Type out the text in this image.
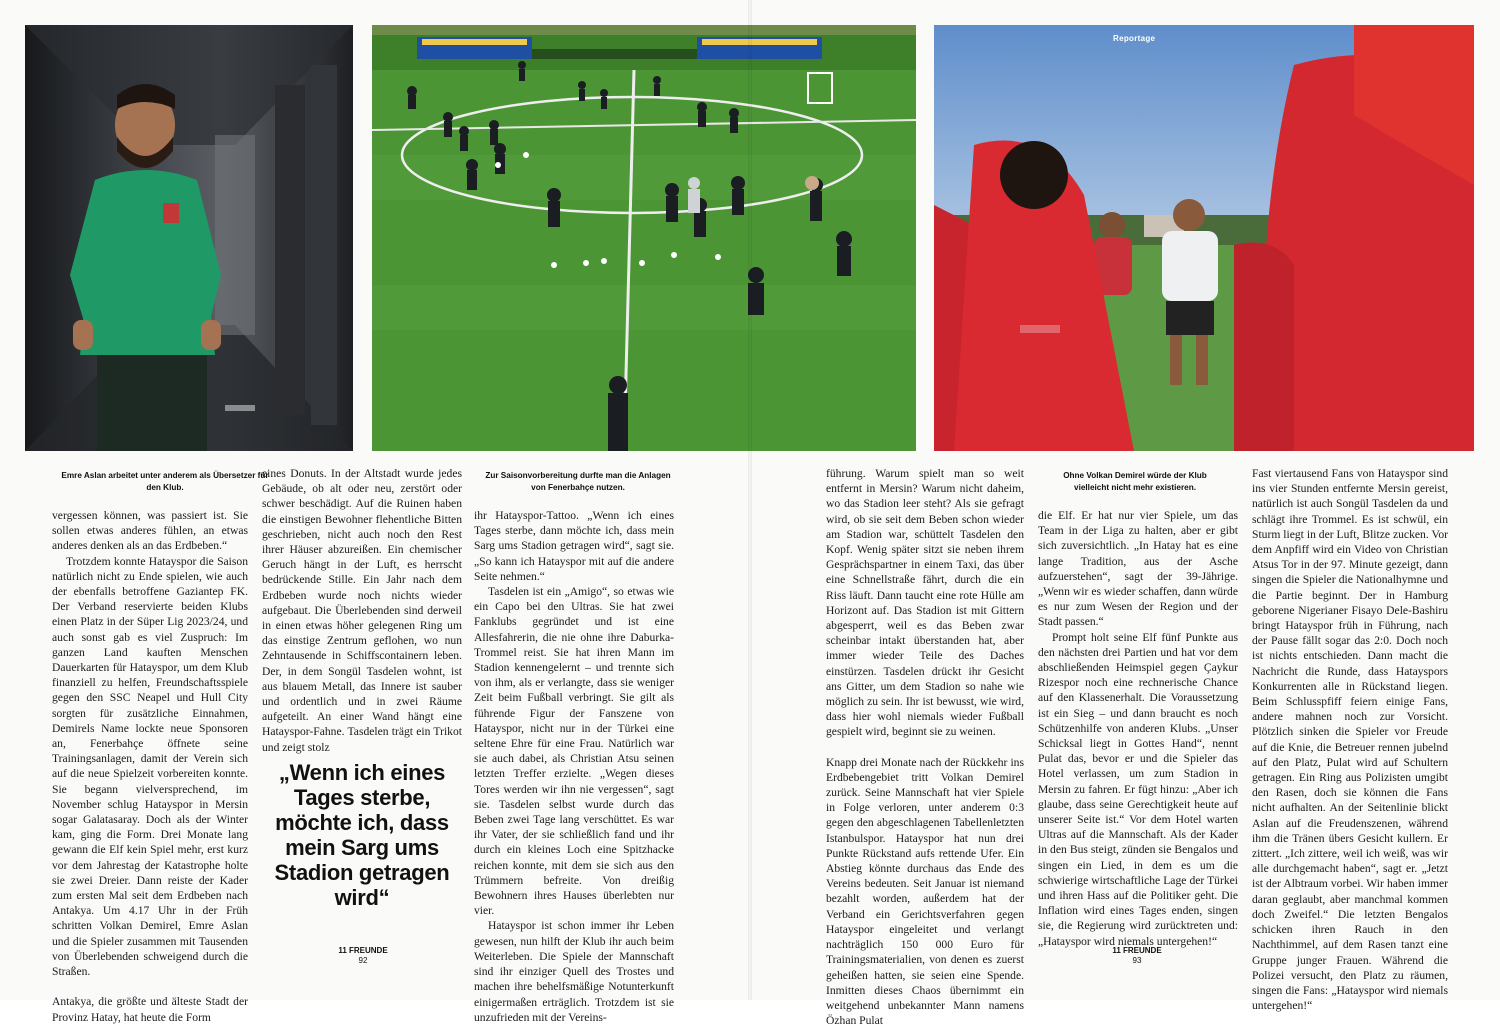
Reportage
Emre Aslan arbeitet unter anderem als Übersetzer für den Klub.
Zur Saisonvorbereitung durfte man die Anlagen von Fenerbahçe nutzen.
Ohne Volkan Demirel würde der Klub vielleicht nicht mehr existieren.

vergessen können, was passiert ist. Sie sollen etwas anderes fühlen, an etwas anderes denken als an das Erdbeben.“

Trotzdem konnte Hatayspor die Saison natürlich nicht zu Ende spielen, wie auch der ebenfalls betroffene Gaziantep FK. Der Verband reservierte beiden Klubs einen Platz in der Süper Lig 2023/24, und auch sonst gab es viel Zuspruch: Im ganzen Land kauften Menschen Dauerkarten für Hatayspor, um dem Klub finanziell zu helfen, Freundschaftsspiele gegen den SSC Neapel und Hull City sorgten für zusätzliche Einnahmen, Demirels Name lockte neue Sponsoren an, Fenerbahçe öffnete seine Trainingsanlagen, damit der Verein sich auf die neue Spielzeit vorbereiten konnte. Sie begann vielversprechend, im November schlug Hatayspor in Mersin sogar Galatasaray. Doch als der Winter kam, ging die Form. Drei Monate lang gewann die Elf kein Spiel mehr, erst kurz vor dem Jahrestag der Katastrophe holte sie zwei Dreier. Dann reiste der Kader zum ersten Mal seit dem Erdbeben nach Antakya. Um 4.17 Uhr in der Früh schritten Volkan Demirel, Emre Aslan und die Spieler zusammen mit Tausenden von Überlebenden schweigend durch die Straßen.

Antakya, die größte und älteste Stadt der Provinz Hatay, hat heute die Form

eines Donuts. In der Altstadt wurde jedes Gebäude, ob alt oder neu, zerstört oder schwer beschädigt. Auf die Ruinen haben die einstigen Bewohner flehentliche Bitten geschrieben, nicht auch noch den Rest ihrer Häuser abzureißen. Ein chemischer Geruch hängt in der Luft, es herrscht bedrückende Stille. Ein Jahr nach dem Erdbeben wurde noch nichts wieder aufgebaut. Die Überlebenden sind derweil in einen etwas höher gelegenen Ring um das einstige Zentrum geflohen, wo nun Zehntausende in Schiffscontainern leben. Der, in dem Songül Tasdelen wohnt, ist aus blauem Metall, das Innere ist sauber und ordentlich und in zwei Räume aufgeteilt. An einer Wand hängt eine Hatayspor-Fahne. Tasdelen trägt ein Trikot und zeigt stolz

„Wenn ich eines Tages sterbe, möchte ich, dass mein Sarg ums Stadion getragen wird“
11 FREUNDE
92

ihr Hatayspor-Tattoo. „Wenn ich eines Tages sterbe, dann möchte ich, dass mein Sarg ums Stadion getragen wird“, sagt sie. „So kann ich Hatayspor mit auf die andere Seite nehmen.“

Tasdelen ist ein „Amigo“, so etwas wie ein Capo bei den Ultras. Sie hat zwei Fanklubs gegründet und ist eine Allesfahrerin, die nie ohne ihre Daburka-Trommel reist. Sie hat ihren Mann im Stadion kennengelernt – und trennte sich von ihm, als er verlangte, dass sie weniger Zeit beim Fußball verbringt. Sie gilt als führende Figur der Fanszene von Hatayspor, nicht nur in der Türkei eine seltene Ehre für eine Frau. Natürlich war sie auch dabei, als Christian Atsu seinen letzten Treffer erzielte. „Wegen dieses Tores werden wir ihn nie vergessen“, sagt sie. Tasdelen selbst wurde durch das Beben zwei Tage lang verschüttet. Es war ihr Vater, der sie schließlich fand und ihr durch ein kleines Loch eine Spitzhacke reichen konnte, mit dem sie sich aus den Trümmern befreite. Von dreißig Bewohnern ihres Hauses überlebten nur vier.

Hatayspor ist schon immer ihr Leben gewesen, nun hilft der Klub ihr auch beim Weiterleben. Die Spiele der Mannschaft sind ihr einziger Quell des Trostes und machen ihre behelfsmäßige Notunterkunft einigermaßen erträglich. Trotzdem ist sie unzufrieden mit der Vereins-

führung. Warum spielt man so weit entfernt in Mersin? Warum nicht daheim, wo das Stadion leer steht? Als sie gefragt wird, ob sie seit dem Beben schon wieder am Stadion war, schüttelt Tasdelen den Kopf. Wenig später sitzt sie neben ihrem Gesprächspartner in einem Taxi, das über eine Schnellstraße fährt, durch die ein Riss läuft. Dann taucht eine rote Hülle am Horizont auf. Das Stadion ist mit Gittern abgesperrt, weil es das Beben zwar scheinbar intakt überstanden hat, aber immer wieder Teile des Daches einstürzen. Tasdelen drückt ihr Gesicht ans Gitter, um dem Stadion so nahe wie möglich zu sein. Ihr ist bewusst, wie wird, dass hier wohl niemals wieder Fußball gespielt wird, beginnt sie zu weinen.

Knapp drei Monate nach der Rückkehr ins Erdbebengebiet tritt Volkan Demirel zurück. Seine Mannschaft hat vier Spiele in Folge verloren, unter anderem 0:3 gegen den abgeschlagenen Tabellenletzten Istanbulspor. Hatayspor hat nun drei Punkte Rückstand aufs rettende Ufer. Ein Abstieg könnte durchaus das Ende des Vereins bedeuten. Seit Januar ist niemand bezahlt worden, außerdem hat der Verband ein Gerichtsverfahren gegen Hatayspor eingeleitet und verlangt nachträglich 150 000 Euro für Trainingsmaterialien, von denen es zuerst geheißen hatten, sie seien eine Spende. Inmitten dieses Chaos übernimmt ein weitgehend unbekannter Mann namens Özhan Pulat

die Elf. Er hat nur vier Spiele, um das Team in der Liga zu halten, aber er gibt sich zuversichtlich. „In Hatay hat es eine lange Tradition, aus der Asche aufzuerstehen“, sagt der 39-Jährige. „Wenn wir es wieder schaffen, dann würde es nur zum Wesen der Region und der Stadt passen.“

Prompt holt seine Elf fünf Punkte aus den nächsten drei Partien und hat vor dem abschließenden Heimspiel gegen Çaykur Rizespor noch eine rechnerische Chance auf den Klassenerhalt. Die Voraussetzung ist ein Sieg – und dann braucht es noch Schützenhilfe von anderen Klubs. „Unser Schicksal liegt in Gottes Hand“, nennt Pulat das, bevor er und die Spieler das Hotel verlassen, um zum Stadion in Mersin zu fahren. Er fügt hinzu: „Aber ich glaube, dass seine Gerechtigkeit heute auf unserer Seite ist.“ Vor dem Hotel warten Ultras auf die Mannschaft. Als der Kader in den Bus steigt, zünden sie Bengalos und singen ein Lied, in dem es um die schwierige wirtschaftliche Lage der Türkei und ihren Hass auf die Politiker geht. Die Inflation wird eines Tages enden, singen sie, die Regierung wird zurücktreten und: „Hatayspor wird niemals untergehen!“

11 FREUNDE
93

Fast viertausend Fans von Hatayspor sind ins vier Stunden entfernte Mersin gereist, natürlich ist auch Songül Tasdelen da und schlägt ihre Trommel. Es ist schwül, ein Sturm liegt in der Luft, Blitze zucken. Vor dem Anpfiff wird ein Video von Christian Atsus Tor in der 97. Minute gezeigt, dann singen die Spieler die Nationalhymne und die Partie beginnt. Der in Hamburg geborene Nigerianer Fisayo Dele-Bashiru bringt Hatayspor früh in Führung, nach der Pause fällt sogar das 2:0. Doch noch ist nichts entschieden. Dann macht die Nachricht die Runde, dass Hatayspors Konkurrenten alle in Rückstand liegen. Beim Schlusspfiff feiern einige Fans, andere mahnen noch zur Vorsicht. Plötzlich sinken die Spieler vor Freude auf die Knie, die Betreuer rennen jubelnd auf den Platz, Pulat wird auf Schultern getragen. Ein Ring aus Polizisten umgibt den Rasen, doch sie können die Fans nicht aufhalten. An der Seitenlinie blickt Aslan auf die Freudenszenen, während ihm die Tränen übers Gesicht kullern. Er zittert. „Ich zittere, weil ich weiß, was wir alle durchgemacht haben“, sagt er. „Jetzt ist der Albtraum vorbei. Wir haben immer daran geglaubt, aber manchmal kommen doch Zweifel.“ Die letzten Bengalos schicken ihren Rauch in den Nachthimmel, auf dem Rasen tanzt eine Gruppe junger Frauen. Während die Polizei versucht, den Platz zu räumen, singen die Fans: „Hatayspor wird niemals untergehen!“
